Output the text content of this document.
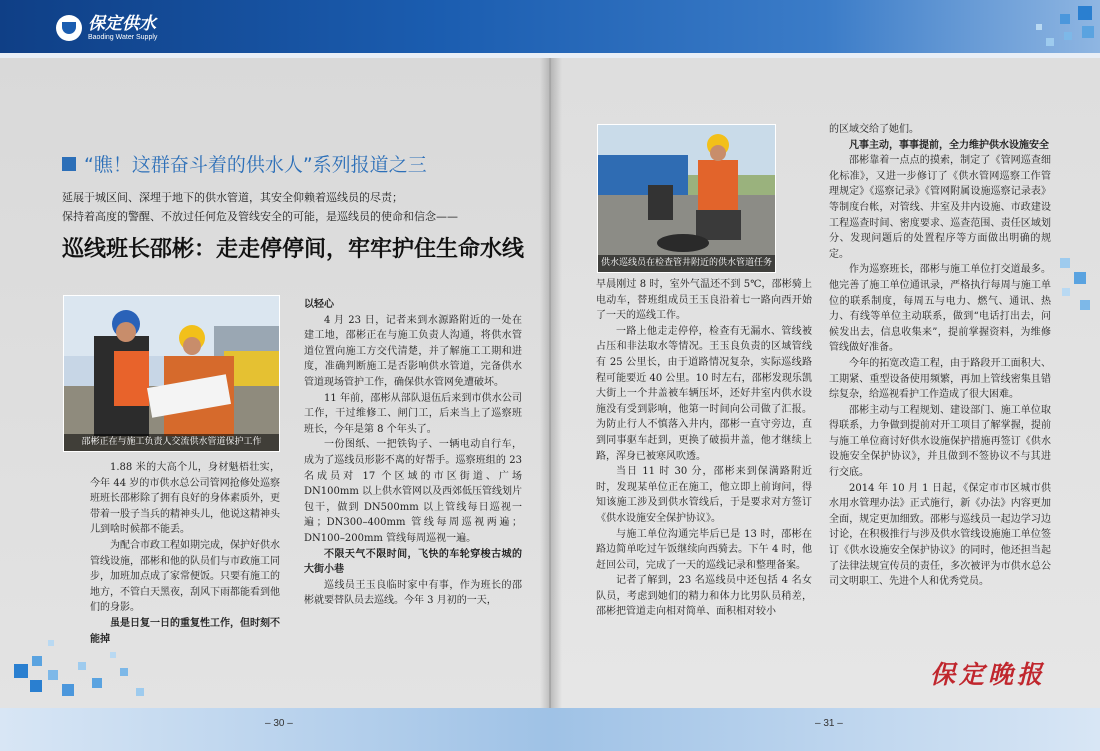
保定供水
Baoding Water Supply
– 30 –	– 31 –
“瞧！这群奋斗着的供水人”系列报道之三
延展于城区间、深埋于地下的供水管道，其安全仰赖着巡线员的尽责；
保持着高度的警醒、不放过任何危及管线安全的可能，是巡线员的使命和信念——
巡线班长邵彬：走走停停间，牢牢护住生命水线
邵彬正在与施工负责人交流供水管道保护工作
供水巡线员在检查管井附近的供水管道任务

1.88 米的大高个儿，身材魁梧壮实，今年 44 岁的市供水总公司管网抢修处巡察班班长邵彬除了拥有良好的身体素质外，更带着一股子当兵的精神头儿，他说这精神头儿到啥时候都不能丢。

为配合市政工程如期完成，保护好供水管线设施，邵彬和他的队员们与市政施工同步，加班加点成了家常便饭。只要有施工的地方，不管白天黑夜，刮风下雨都能看到他们的身影。

虽是日复一日的重复性工作，但时刻不能掉

以轻心

4 月 23 日，记者来到水源路附近的一处在建工地，邵彬正在与施工负责人沟通，将供水管道位置向施工方交代清楚，并了解施工工期和进度，准确判断施工是否影响供水管道，完备供水管道现场管护工作，确保供水管网免遭破坏。

11 年前，邵彬从部队退伍后来到市供水公司工作，干过维修工、闸门工，后来当上了巡察班班长，今年是第 8 个年头了。

一份图纸、一把铁钩子、一辆电动自行车，成为了巡线员形影不离的好帮手。巡察班组的 23 名成员对 17 个区域的市区街道、广场 DN100mm 以上供水管网以及西郊低压管线划片包干，做到 DN500mm 以上管线每日巡视一遍；DN300–400mm 管线每周巡视两遍；DN100–200mm 管线每周巡视一遍。

不限天气不限时间，飞快的车轮穿梭古城的大街小巷

巡线员王玉良临时家中有事，作为班长的邵彬就要替队员去巡线。今年 3 月初的一天，

早晨刚过 8 时，室外气温还不到 5℃，邵彬骑上电动车，替班组成员王玉良沿着七一路向西开始了一天的巡线工作。

一路上他走走停停，检查有无漏水、管线被占压和非法取水等情况。王玉良负责的区域管线有 25 公里长，由于道路情况复杂，实际巡线路程可能要近 40 公里。10 时左右，邵彬发现乐凯大街上一个井盖被车辆压坏，还好井室内供水设施没有受到影响，他第一时间向公司做了汇报。为防止行人不慎落入井内，邵彬一直守旁边，直到同事驱车赶到，更换了破损井盖，他才继续上路，浑身已被寒风吹透。

当日 11 时 30 分，邵彬来到保满路附近时，发现某单位正在施工，他立即上前询问，得知该施工涉及到供水管线后，于是要求对方签订《供水设施安全保护协议》。

与施工单位沟通完毕后已是 13 时，邵彬在路边简单吃过午饭继续向西骑去。下午 4 时，他赶回公司，完成了一天的巡线记录和整理备案。

记者了解到，23 名巡线员中还包括 4 名女队员，考虑到她们的精力和体力比男队员稍差，邵彬把管道走向相对简单、面积相对较小

的区域交给了她们。

凡事主动，事事提前，全力维护供水设施安全

邵彬靠着一点点的摸索，制定了《管网巡查细化标准》，又进一步修订了《供水管网巡察工作管理规定》《巡察记录》《管网附属设施巡察记录表》等制度台帐，对管线、井室及井内设施、市政建设工程巡查时间、密度要求、巡查范围、责任区域划分、发现问题后的处置程序等方面做出明确的规定。

作为巡察班长，邵彬与施工单位打交道最多。他完善了施工单位通讯录，严格执行每周与施工单位的联系制度，每周五与电力、燃气、通讯、热力、有线等单位主动联系，做到“电话打出去，问候发出去，信息收集来”，提前掌握资料，为维修管线做好准备。

今年的拓宽改造工程，由于路段开工面积大、工期紧、重型设备使用频繁，再加上管线密集且错综复杂，给巡视看护工作造成了很大困难。

邵彬主动与工程规划、建设部门、施工单位取得联系，力争做到提前对开工项目了解掌握，提前与施工单位商讨好供水设施保护措施再签订《供水设施安全保护协议》，并且做到不签协议不与其进行交底。

2014 年 10 月 1 日起，《保定市市区城市供水用水管理办法》正式施行，新《办法》内容更加全面，规定更加细致。邵彬与巡线员一起边学习边讨论，在积极推行与涉及供水管线设施施工单位签订《供水设施安全保护协议》的同时，他还担当起了法律法规宣传员的责任，多次被评为市供水总公司文明职工、先进个人和优秀党员。

保定晚报
